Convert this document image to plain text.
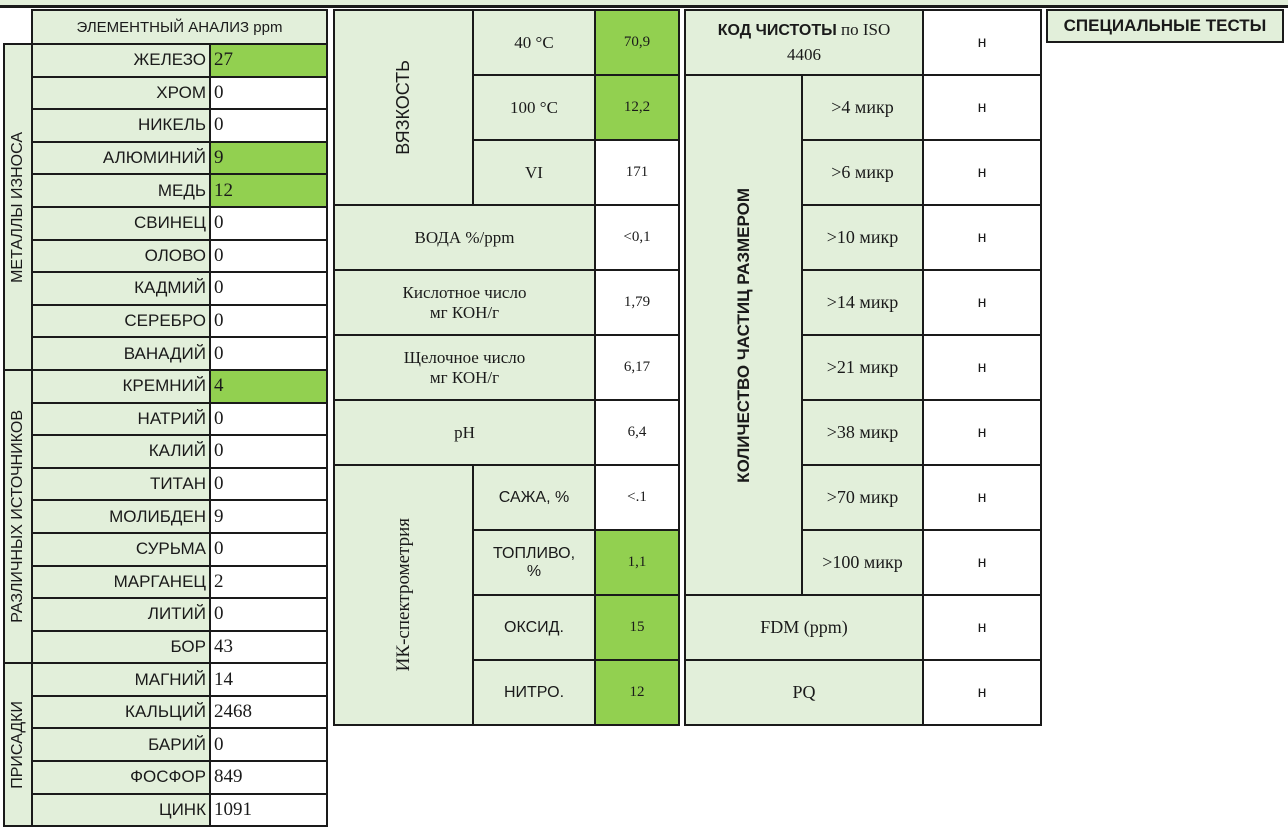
	ЭЛЕМЕНТНЫЙ АНАЛИЗ ppm	

МЕТАЛЛЫ ИЗНОСА	ЖЕЛЕЗО	27
	ХРОМ	0
	НИКЕЛЬ	0
	АЛЮМИНИЙ	9
	МЕДЬ	12
	СВИНЕЦ	0
	ОЛОВО	0
	КАДМИЙ	0
	СЕРЕБРО	0
	ВАНАДИЙ	0

РАЗЛИЧНЫХ ИСТОЧНИКОВ	КРЕМНИЙ	4
	НАТРИЙ	0
	КАЛИЙ	0
	ТИТАН	0
	МОЛИБДЕН	9
	СУРЬМА	0
	МАРГАНЕЦ	2
	ЛИТИЙ	0
	БОР	43

ПРИСАДКИ	МАГНИЙ	14
	КАЛЬЦИЙ	2468
	БАРИЙ	0
	ФОСФОР	849
	ЦИНК	1091
ВЯЗКОСТЬ	40 °C	70,9
	100 °C	12,2
	VI	171
ВОДА %/ppm		<0,1

Кислотное число
мг КОН/г		1,79

Щелочное число
мг КОН/г		6,17
pH		6,4

ИК-спектрометрия	САЖА, %	<.1

	ТОПЛИВО,
%	1,1
	ОКСИД.	15
	НИТРО.	12
КОД ЧИСТОТЫ по ISO
4406		н

КОЛИЧЕСТВО ЧАСТИЦ РАЗМЕРОМ	>4 микр	н
	>6 микр	н
	>10 микр	н
	>14 микр	н
	>21 микр	н
	>38 микр	н
	>70 микр	н
	>100 микр	н
FDM (ppm)		н
PQ		н
СПЕЦИАЛЬНЫЕ ТЕСТЫ
